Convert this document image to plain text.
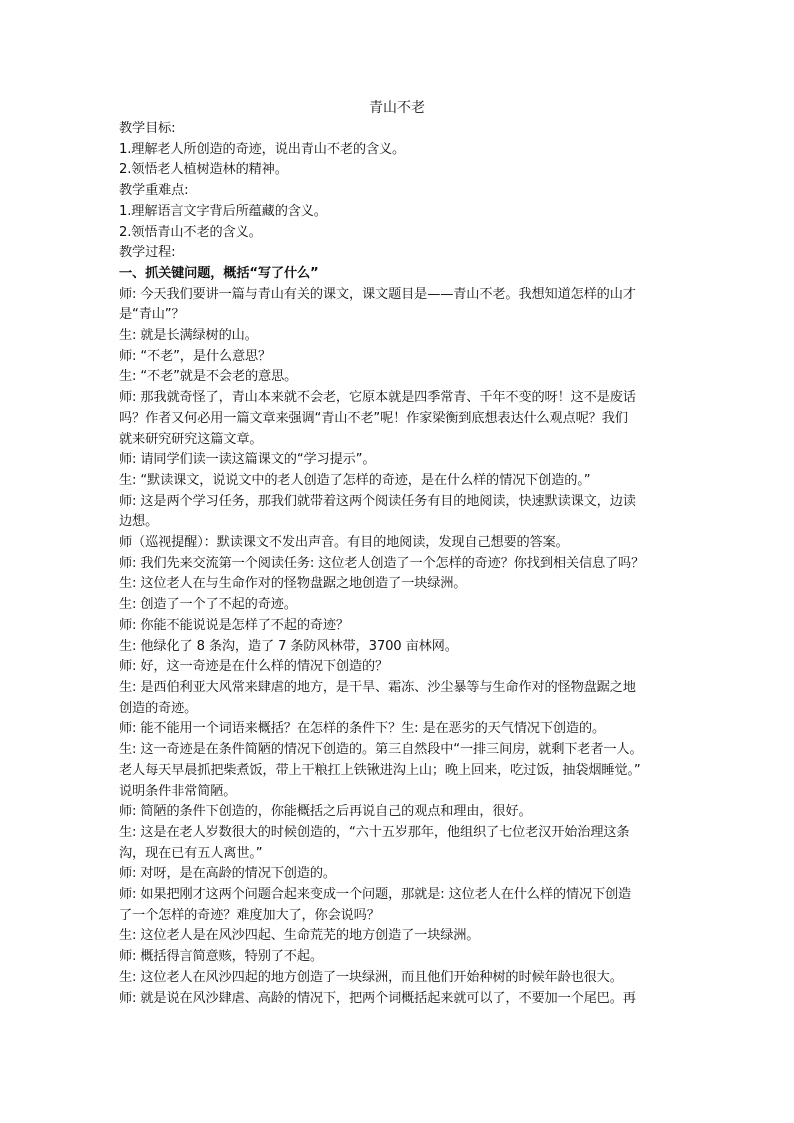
青山不老
教学目标:
1.理解老人所创造的奇迹，说出青山不老的含义。
2.领悟老人植树造林的精神。
教学重难点:
1.理解语言文字背后所蕴藏的含义。
2.领悟青山不老的含义。
教学过程:
一、抓关键问题，概括“写了什么”
师: 今天我们要讲一篇与青山有关的课文，课文题目是——青山不老。我想知道怎样的山才
是“青山”？
生: 就是长满绿树的山。
师: “不老”，是什么意思？
生: “不老”就是不会老的意思。
师: 那我就奇怪了，青山本来就不会老，它原本就是四季常青、千年不变的呀！这不是废话
吗？作者又何必用一篇文章来强调“青山不老”呢！作家梁衡到底想表达什么观点呢？我们
就来研究研究这篇文章。
师: 请同学们读一读这篇课文的“学习提示”。
生: “默读课文，说说文中的老人创造了怎样的奇迹，是在什么样的情况下创造的。”
师: 这是两个学习任务，那我们就带着这两个阅读任务有目的地阅读，快速默读课文，边读
边想。
师（巡视提醒）：默读课文不发出声音。有目的地阅读，发现自己想要的答案。
师: 我们先来交流第一个阅读任务: 这位老人创造了一个怎样的奇迹？你找到相关信息了吗？
生: 这位老人在与生命作对的怪物盘踞之地创造了一块绿洲。
生: 创造了一个了不起的奇迹。
师: 你能不能说说是怎样了不起的奇迹？
生: 他绿化了 8 条沟，造了 7 条防风林带，3700 亩林网。
师: 好，这一奇迹是在什么样的情况下创造的？
生: 是西伯利亚大风常来肆虐的地方，是干旱、霜冻、沙尘暴等与生命作对的怪物盘踞之地
创造的奇迹。
师: 能不能用一个词语来概括？在怎样的条件下？生: 是在恶劣的天气情况下创造的。
生: 这一奇迹是在条件简陋的情况下创造的。第三自然段中“一排三间房，就剩下老者一人。
老人每天早晨抓把柴煮饭，带上干粮扛上铁锹进沟上山；晚上回来，吃过饭，抽袋烟睡觉。”
说明条件非常简陋。
师: 简陋的条件下创造的，你能概括之后再说自己的观点和理由，很好。
生: 这是在老人岁数很大的时候创造的，“六十五岁那年，他组织了七位老汉开始治理这条
沟，现在已有五人离世。”
师: 对呀，是在高龄的情况下创造的。
师: 如果把刚才这两个问题合起来变成一个问题，那就是: 这位老人在什么样的情况下创造
了一个怎样的奇迹？难度加大了，你会说吗？
生: 这位老人是在风沙四起、生命荒芜的地方创造了一块绿洲。
师: 概括得言简意赅，特别了不起。
生: 这位老人在风沙四起的地方创造了一块绿洲，而且他们开始种树的时候年龄也很大。
师: 就是说在风沙肆虐、高龄的情况下，把两个词概括起来就可以了，不要加一个尾巴。再
